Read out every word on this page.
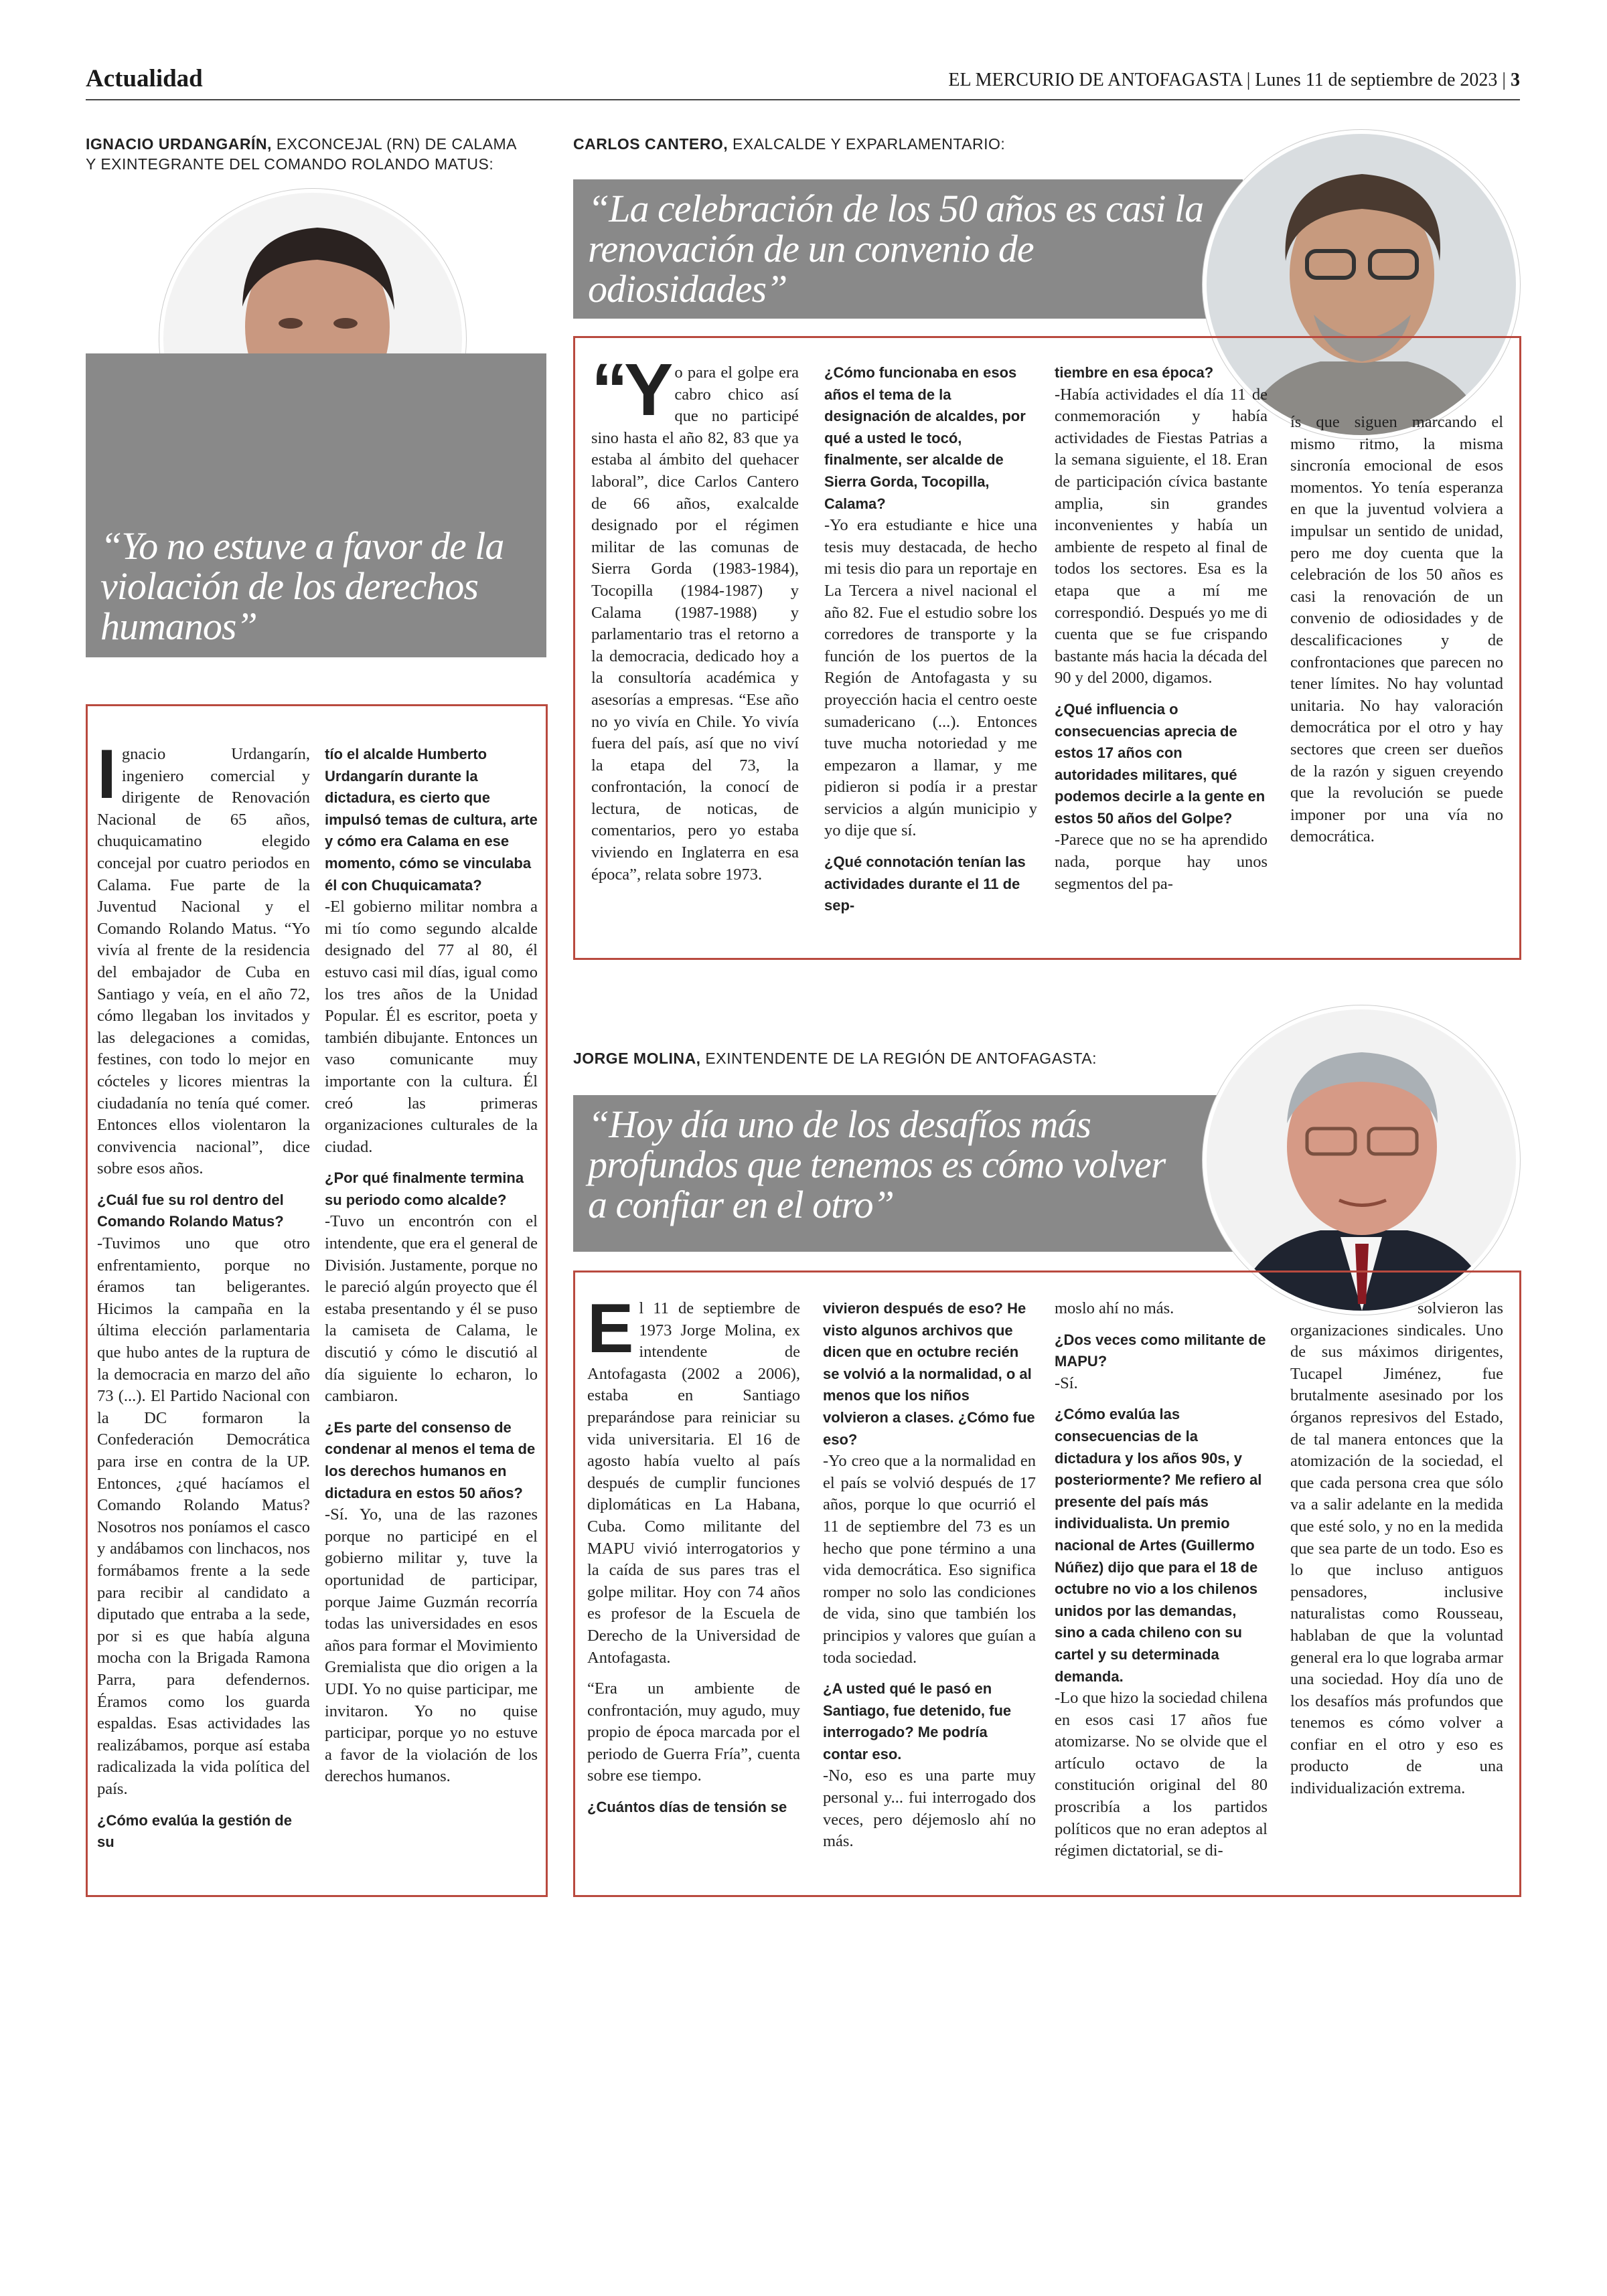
Actualidad	EL MERCURIO DE ANTOFAGASTA | Lunes 11 de septiembre de 2023 | 3
IGNACIO URDANGARÍN, EXCONCEJAL (RN) DE CALAMA Y EXINTEGRANTE DEL COMANDO ROLANDO MATUS:
“Yo no estuve a favor de la violación de los derechos humanos”
I gnacio Urdangarín, ingeniero comercial y dirigente de Renovación Nacional de 65 años, chuquicamatino elegido concejal por cuatro periodos en Calama. Fue parte de la Juventud Nacional y el Comando Rolando Matus. “Yo vivía al frente de la residencia del embajador de Cuba en Santiago y veía, en el año 72, cómo llegaban los invitados y las delegaciones a comidas, festines, con todo lo mejor en cócteles y licores mientras la ciudadanía no tenía qué comer. Entonces ellos violentaron la convivencia nacional”, dice sobre esos años.

¿Cuál fue su rol dentro del Comando Rolando Matus?

-Tuvimos uno que otro enfrentamiento, porque no éramos tan beligerantes. Hicimos la campaña en la última elección parlamentaria que hubo antes de la ruptura de la democracia en marzo del año 73 (...). El Partido Nacional con la DC formaron la Confederación Democrática para irse en contra de la UP. Entonces, ¿qué hacíamos el Comando Rolando Matus? Nosotros nos poníamos el casco y andábamos con linchacos, nos formábamos frente a la sede para recibir al candidato a diputado que entraba a la sede, por si es que había alguna mocha con la Brigada Ramona Parra, para defendernos. Éramos como los guarda espaldas. Esas actividades las realizábamos, porque así estaba radicalizada la vida política del país.

¿Cómo evalúa la gestión de su

tío el alcalde Humberto Urdangarín durante la dictadura, es cierto que impulsó temas de cultura, arte y cómo era Calama en ese momento, cómo se vinculaba él con Chuquicamata?

-El gobierno militar nombra a mi tío como segundo alcalde designado del 77 al 80, él estuvo casi mil días, igual como los tres años de la Unidad Popular. Él es escritor, poeta y también dibujante. Entonces un vaso comunicante muy importante con la cultura. Él creó las primeras organizaciones culturales de la ciudad.

¿Por qué finalmente termina su periodo como alcalde?

-Tuvo un encontrón con el intendente, que era el general de División. Justamente, porque no le pareció algún proyecto que él estaba presentando y él se puso la camiseta de Calama, le discutió y cómo le discutió al día siguiente lo echaron, lo cambiaron.

¿Es parte del consenso de condenar al menos el tema de los derechos humanos en dictadura en estos 50 años?

-Sí. Yo, una de las razones porque no participé en el gobierno militar y, tuve la oportunidad de participar, porque Jaime Guzmán recorría todas las universidades en esos años para formar el Movimiento Gremialista que dio origen a la UDI. Yo no quise participar, me invitaron. Yo no quise participar, porque yo no estuve a favor de la violación de los derechos humanos.

CARLOS CANTERO, EXALCALDE Y EXPARLAMENTARIO:
“La celebración de los 50 años es casi la renovación de un convenio de odiosidades”
“Y o para el golpe era cabro chico así que no participé sino hasta el año 82, 83 que ya estaba al ámbito del quehacer laboral”, dice Carlos Cantero de 66 años, exalcalde designado por el régimen militar de las comunas de Sierra Gorda (1983-1984), Tocopilla (1984-1987) y Calama (1987-1988) y parlamentario tras el retorno a la democracia, dedicado hoy a la consultoría académica y asesorías a empresas. “Ese año no yo vivía en Chile. Yo vivía fuera del país, así que no viví la etapa del 73, la confrontación, la conocí de lectura, de noticas, de comentarios, pero yo estaba viviendo en Inglaterra en esa época”, relata sobre 1973.

¿Cómo funcionaba en esos años el tema de la designación de alcaldes, por qué a usted le tocó, finalmente, ser alcalde de Sierra Gorda, Tocopilla, Calama?

-Yo era estudiante e hice una tesis muy destacada, de hecho mi tesis dio para un reportaje en La Tercera a nivel nacional el año 82. Fue el estudio sobre los corredores de transporte y la función de los puertos de la Región de Antofagasta y su proyección hacia el centro oeste sumadericano (...). Entonces tuve mucha notoriedad y me empezaron a llamar, y me pidieron si podía ir a prestar servicios a algún municipio y yo dije que sí.

¿Qué connotación tenían las actividades durante el 11 de sep-

tiembre en esa época?

-Había actividades el día 11 de conmemoración y había actividades de Fiestas Patrias a la semana siguiente, el 18. Eran de participación cívica bastante amplia, sin grandes inconvenientes y había un ambiente de respeto al final de todos los sectores. Esa es la etapa que a mí me correspondió. Después yo me di cuenta que se fue crispando bastante más hacia la década del 90 y del 2000, digamos.

¿Qué influencia o consecuencias aprecia de estos 17 años con autoridades militares, qué podemos decirle a la gente en estos 50 años del Golpe?

-Parece que no se ha aprendido nada, porque hay unos segmentos del pa-

ís que siguen marcando el mismo ritmo, la misma sincronía emocional de esos momentos. Yo tenía esperanza en que la juventud volviera a impulsar un sentido de unidad, pero me doy cuenta que la celebración de los 50 años es casi la renovación de un convenio de odiosidades y de descalificaciones y de confrontaciones que parecen no tener límites. No hay voluntad unitaria. No hay valoración democrática por el otro y hay sectores que creen ser dueños de la razón y siguen creyendo que la revolución se puede imponer por una vía no democrática.

JORGE MOLINA, EXINTENDENTE DE LA REGIÓN DE ANTOFAGASTA:
“Hoy día uno de los desafíos más profundos que tenemos es cómo volver a confiar en el otro”
E l 11 de septiembre de 1973 Jorge Molina, ex intendente de Antofagasta (2002 a 2006), estaba en Santiago preparándose para reiniciar su vida universitaria. El 16 de agosto había vuelto al país después de cumplir funciones diplomáticas en La Habana, Cuba. Como militante del MAPU vivió interrogatorios y la caída de sus pares tras el golpe militar. Hoy con 74 años es profesor de la Escuela de Derecho de la Universidad de Antofagasta.

“Era un ambiente de confrontación, muy agudo, muy propio de época marcada por el periodo de Guerra Fría”, cuenta sobre ese tiempo.

¿Cuántos días de tensión se

vivieron después de eso? He visto algunos archivos que dicen que en octubre recién se volvió a la normalidad, o al menos que los niños volvieron a clases. ¿Cómo fue eso?

-Yo creo que a la normalidad en el país se volvió después de 17 años, porque lo que ocurrió el 11 de septiembre del 73 es un hecho que pone término a una vida democrática. Eso significa romper no solo las condiciones de vida, sino que también los principios y valores que guían a toda sociedad.

¿A usted qué le pasó en Santiago, fue detenido, fue interrogado? Me podría contar eso.

-No, eso es una parte muy personal y... fui interrogado dos veces, pero déjemoslo ahí no más.

moslo ahí no más.

¿Dos veces como militante de MAPU?

-Sí.

¿Cómo evalúa las consecuencias de la dictadura y los años 90s, y posteriormente? Me refiero al presente del país más individualista. Un premio nacional de Artes (Guillermo Núñez) dijo que para el 18 de octubre no vio a los chilenos unidos por las demandas, sino a cada chileno con su cartel y su determinada demanda.

-Lo que hizo la sociedad chilena en esos casi 17 años fue atomizarse. No se olvide que el artículo octavo de la constitución original del 80 proscribía a los partidos políticos que no eran adeptos al régimen dictatorial, se di-

solvieron las organizaciones sindicales. Uno de sus máximos dirigentes, Tucapel Jiménez, fue brutalmente asesinado por los órganos represivos del Estado, de tal manera entonces que la atomización de la sociedad, el que cada persona crea que sólo va a salir adelante en la medida que esté solo, y no en la medida que sea parte de un todo. Eso es lo que incluso antiguos pensadores, inclusive naturalistas como Rousseau, hablaban de que la voluntad general era lo que lograba armar una sociedad. Hoy día uno de los desafíos más profundos que tenemos es cómo volver a confiar en el otro y eso es producto de una individualización extrema.
